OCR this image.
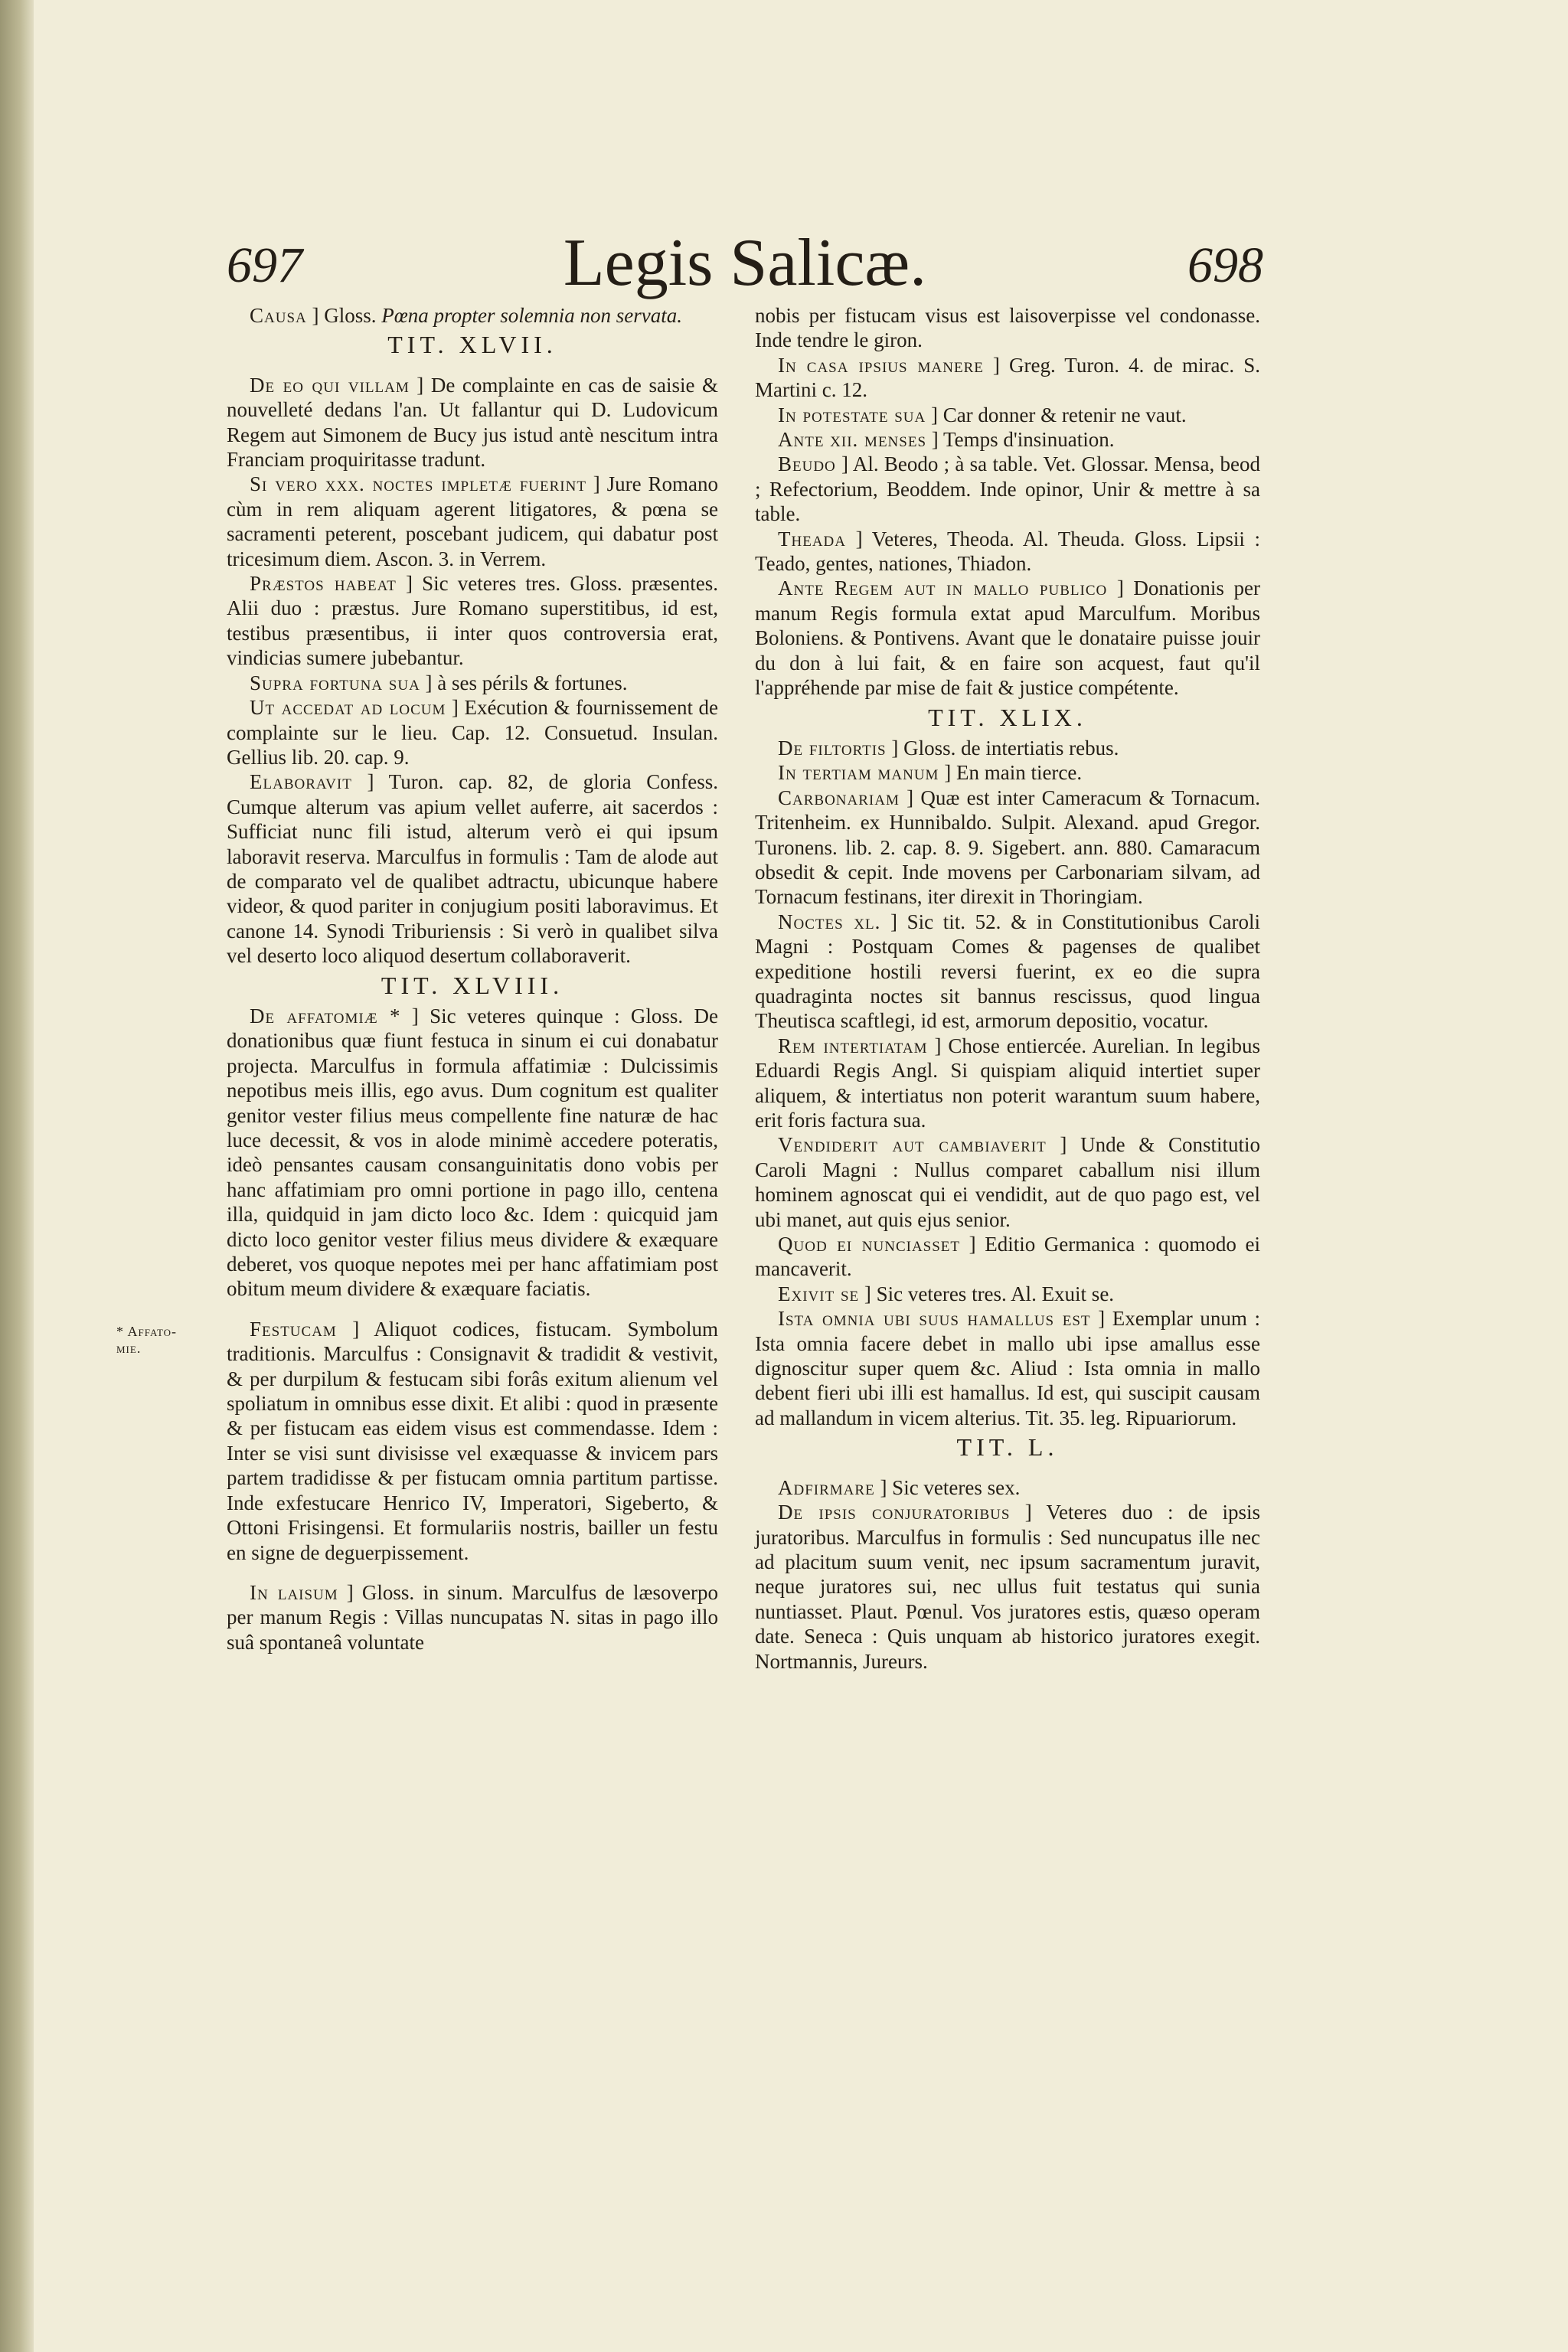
697	Legis Salicæ.	698
* Affato-
mie.

Causa ] Gloss. Pœna propter solemnia non servata.

TIT. XLVII.

De eo qui villam ] De complainte en cas de saisie & nouvelleté dedans l'an. Ut fallantur qui D. Ludovicum Regem aut Simonem de Bucy jus istud antè nescitum intra Franciam proquiritasse tradunt.

Si vero xxx. noctes impletæ fuerint ] Jure Romano cùm in rem aliquam agerent litigatores, & pœna se sacramenti peterent, poscebant judicem, qui dabatur post tricesimum diem. Ascon. 3. in Verrem.

Præstos habeat ] Sic veteres tres. Gloss. præsentes. Alii duo : præstus. Jure Romano superstitibus, id est, testibus præsentibus, ii inter quos controversia erat, vindicias sumere jubebantur.

Supra fortuna sua ] à ses périls & fortunes.

Ut accedat ad locum ] Exécution & fournissement de complainte sur le lieu. Cap. 12. Consuetud. Insulan. Gellius lib. 20. cap. 9.

Elaboravit ] Turon. cap. 82, de gloria Confess. Cumque alterum vas apium vellet auferre, ait sacerdos : Sufficiat nunc fili istud, alterum verò ei qui ipsum laboravit reserva. Marculfus in formulis : Tam de alode aut de comparato vel de qualibet adtractu, ubicunque habere videor, & quod pariter in conjugium positi laboravimus. Et canone 14. Synodi Triburiensis : Si verò in qualibet silva vel deserto loco aliquod desertum collaboraverit.

TIT. XLVIII.

De affatomiæ * ] Sic veteres quinque : Gloss. De donationibus quæ fiunt festuca in sinum ei cui donabatur projecta. Marculfus in formula affatimiæ : Dulcissimis nepotibus meis illis, ego avus. Dum cognitum est qualiter genitor vester filius meus compellente fine naturæ de hac luce decessit, & vos in alode minimè accedere poteratis, ideò pensantes causam consanguinitatis dono vobis per hanc affatimiam pro omni portione in pago illo, centena illa, quidquid in jam dicto loco &c. Idem : quicquid jam dicto loco genitor vester filius meus dividere & exæquare deberet, vos quoque nepotes mei per hanc affatimiam post obitum meum dividere & exæquare faciatis.

Festucam ] Aliquot codices, fistucam. Symbolum traditionis. Marculfus : Consignavit & tradidit & vestivit, & per durpilum & festucam sibi forâs exitum alienum vel spoliatum in omnibus esse dixit. Et alibi : quod in præsente & per fistucam eas eidem visus est commendasse. Idem : Inter se visi sunt divisisse vel exæquasse & invicem pars partem tradidisse & per fistucam omnia partitum partisse. Inde exfestucare Henrico IV, Imperatori, Sigeberto, & Ottoni Frisingensi. Et formulariis nostris, bailler un festu en signe de deguerpissement.

In laisum ] Gloss. in sinum. Marculfus de læsoverpo per manum Regis : Villas nuncupatas N. sitas in pago illo suâ spontaneâ voluntate

nobis per fistucam visus est laisoverpisse vel condonasse. Inde tendre le giron.

In casa ipsius manere ] Greg. Turon. 4. de mirac. S. Martini c. 12.

In potestate sua ] Car donner & retenir ne vaut.

Ante xii. menses ] Temps d'insinuation.

Beudo ] Al. Beodo ; à sa table. Vet. Glossar. Mensa, beod ; Refectorium, Beoddem. Inde opinor, Unir & mettre à sa table.

Theada ] Veteres, Theoda. Al. Theuda. Gloss. Lipsii : Teado, gentes, nationes, Thiadon.

Ante Regem aut in mallo publico ] Donationis per manum Regis formula extat apud Marculfum. Moribus Boloniens. & Pontivens. Avant que le donataire puisse jouir du don à lui fait, & en faire son acquest, faut qu'il l'appréhende par mise de fait & justice compétente.

TIT. XLIX.

De filtortis ] Gloss. de intertiatis rebus.

In tertiam manum ] En main tierce.

Carbonariam ] Quæ est inter Cameracum & Tornacum. Tritenheim. ex Hunnibaldo. Sulpit. Alexand. apud Gregor. Turonens. lib. 2. cap. 8. 9. Sigebert. ann. 880. Camaracum obsedit & cepit. Inde movens per Carbonariam silvam, ad Tornacum festinans, iter direxit in Thoringiam.

Noctes xl. ] Sic tit. 52. & in Constitutionibus Caroli Magni : Postquam Comes & pagenses de qualibet expeditione hostili reversi fuerint, ex eo die supra quadraginta noctes sit bannus rescissus, quod lingua Theutisca scaftlegi, id est, armorum depositio, vocatur.

Rem intertiatam ] Chose entiercée. Aurelian. In legibus Eduardi Regis Angl. Si quispiam aliquid intertiet super aliquem, & intertiatus non poterit warantum suum habere, erit foris factura sua.

Vendiderit aut cambiaverit ] Unde & Constitutio Caroli Magni : Nullus comparet caballum nisi illum hominem agnoscat qui ei vendidit, aut de quo pago est, vel ubi manet, aut quis ejus senior.

Quod ei nunciasset ] Editio Germanica : quomodo ei mancaverit.

Exivit se ] Sic veteres tres. Al. Exuit se.

Ista omnia ubi suus hamallus est ] Exemplar unum : Ista omnia facere debet in mallo ubi ipse amallus esse dignoscitur super quem &c. Aliud : Ista omnia in mallo debent fieri ubi illi est hamallus. Id est, qui suscipit causam ad mallandum in vicem alterius. Tit. 35. leg. Ripuariorum.

TIT. L.

Adfirmare ] Sic veteres sex.

De ipsis conjuratoribus ] Veteres duo : de ipsis juratoribus. Marculfus in formulis : Sed nuncupatus ille nec ad placitum suum venit, nec ipsum sacramentum juravit, neque juratores sui, nec ullus fuit testatus qui sunia nuntiasset. Plaut. Pœnul. Vos juratores estis, quæso operam date. Seneca : Quis unquam ab historico juratores exegit. Nortmannis, Jureurs.
